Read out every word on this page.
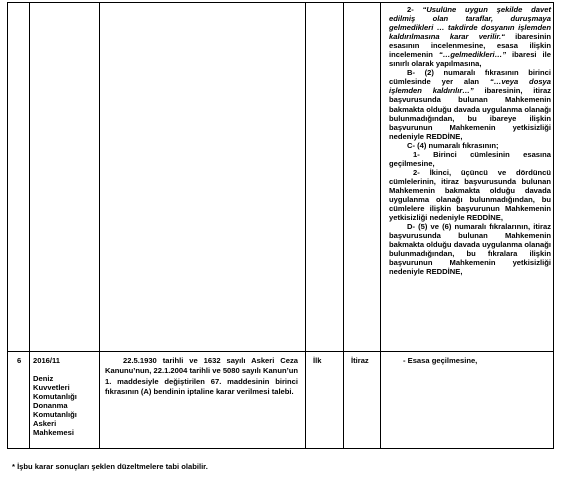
2- “Usulüne uygun şekilde davet edilmiş olan taraflar, duruşmaya gelmedikleri … takdirde dosyanın işlemden kaldırılmasına karar verilir.“ ibaresinin esasının incelenmesine, esasa ilişkin incelemenin “…gelmedikleri…” ibaresi ile sınırlı olarak yapılmasına,

B- (2) numaralı fıkrasının birinci cümlesinde yer alan “…veya dosya işlemden kaldırılır…” ibaresinin, itiraz başvurusunda bulunan Mahkemenin bakmakta olduğu davada uygulanma olanağı bulunmadığından, bu ibareye ilişkin başvurunun Mahkemenin yetkisizliği nedeniyle REDDİNE,

C- (4) numaralı fıkrasının;

1- Birinci cümlesinin esasına geçilmesine,

2- İkinci, üçüncü ve dördüncü cümlelerinin, itiraz başvurusunda bulunan Mahkemenin bakmakta olduğu davada uygulanma olanağı bulunmadığından, bu cümlelere ilişkin başvurunun Mahkemenin yetkisizliği nedeniyle REDDİNE,

D- (5) ve (6) numaralı fıkralarının, itiraz başvurusunda bulunan Mahkemenin bakmakta olduğu davada uygulanma olanağı bulunmadığından, bu fıkralara ilişkin başvurunun Mahkemenin yetkisizliği nedeniyle REDDİNE,

6 2016/11
Deniz Kuvvetleri Komutanlığı Donanma Komutanlığı Askeri Mahkemesi
22.5.1930 tarihli ve 1632 sayılı Askeri Ceza Kanunu’nun, 22.1.2004 tarihli ve 5080 sayılı Kanun’un 1. maddesiyle değiştirilen 67. maddesinin birinci fıkrasının (A) bendinin iptaline karar verilmesi talebi.
İlk	İtiraz	- Esasa geçilmesine,
* İşbu karar sonuçları şeklen düzeltmelere tabi olabilir.
